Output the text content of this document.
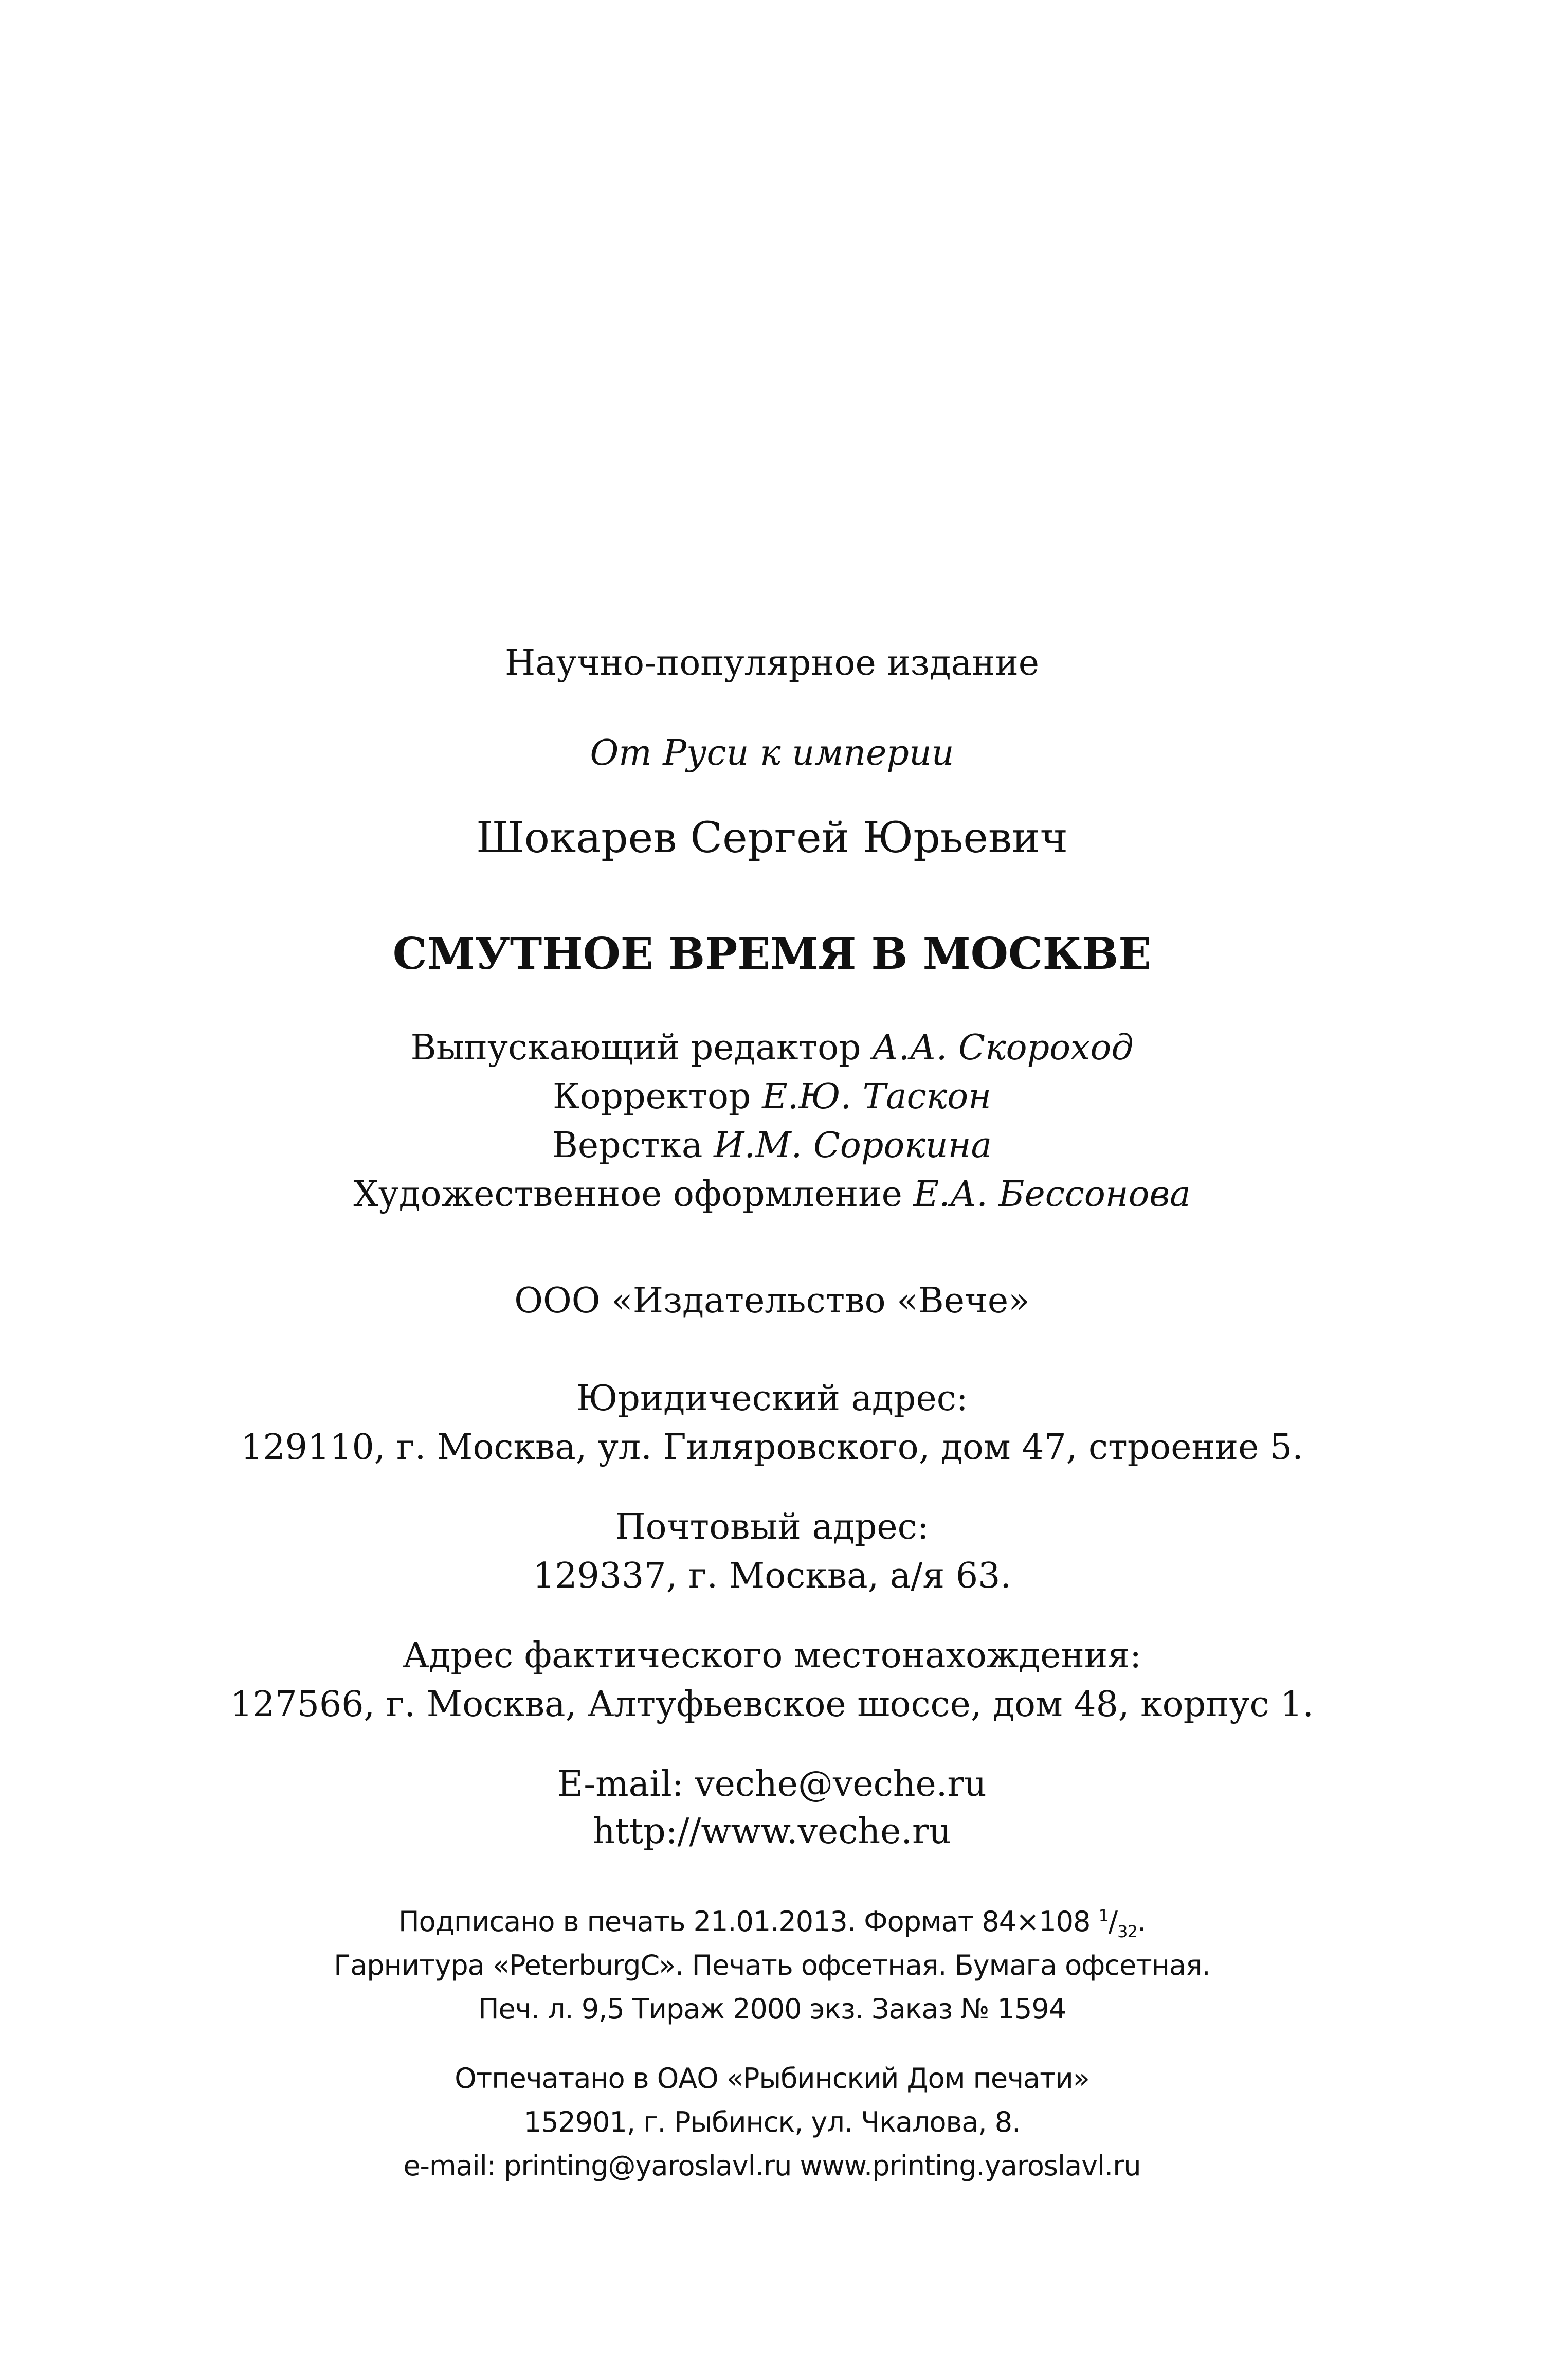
Научно-популярное издание
От Руси к империи
Шокарев Сергей Юрьевич
СМУТНОЕ ВРЕМЯ В МОСКВЕ
Выпускающий редактор А.А. Скороход
Корректор Е.Ю. Таскон
Верстка И.М. Сорокина
Художественное оформление Е.А. Бессонова
ООО «Издательство «Вече»
Юридический адрес:
129110, г. Москва, ул. Гиляровского, дом 47, строение 5.
Почтовый адрес:
129337, г. Москва, а/я 63.
Адрес фактического местонахождения:
127566, г. Москва, Алтуфьевское шоссе, дом 48, корпус 1.
E-mail: veche@veche.ru
http://www.veche.ru
Подписано в печать 21.01.2013. Формат 84×108 $^1/_{32}$.
Гарнитура «PeterburgC». Печать офсетная. Бумага офсетная.
Печ. л. 9,5 Тираж 2000 экз. Заказ № 1594
Отпечатано в ОАО «Рыбинский Дом печати»
152901, г. Рыбинск, ул. Чкалова, 8.
e-mail: printing@yaroslavl.ru www.printing.yaroslavl.ru
